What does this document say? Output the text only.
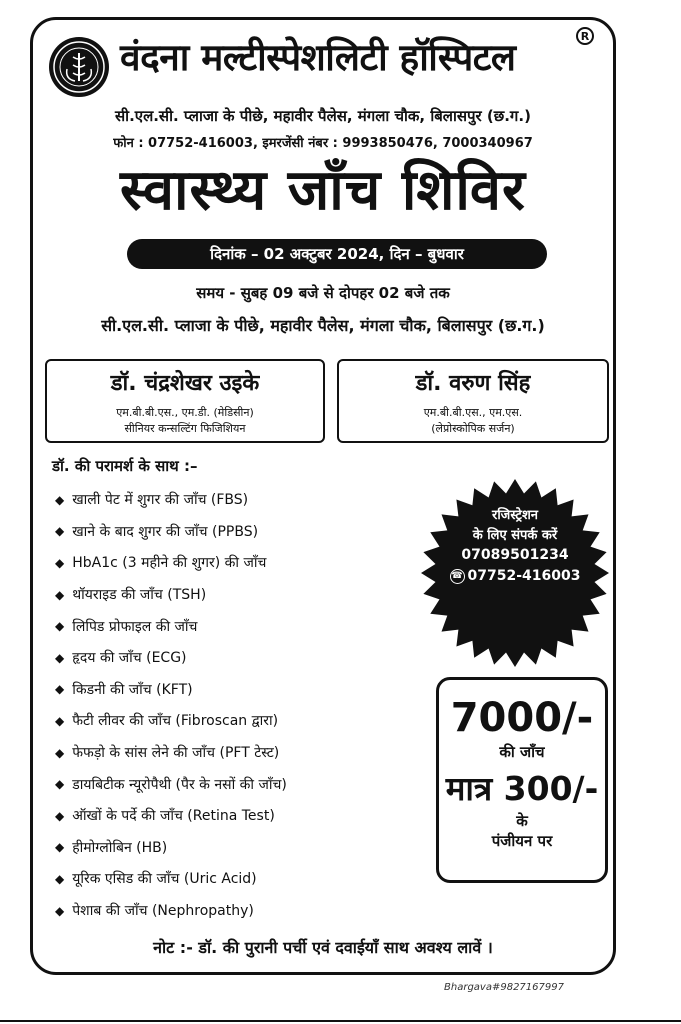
R
वंदना मल्टीस्पेशलिटी हॉस्पिटल
सी.एल.सी. प्लाजा के पीछे, महावीर पैलेस, मंगला चौक, बिलासपुर (छ.ग.)
फोन : 07752-416003, इमरजेंसी नंबर : 9993850476, 7000340967
स्वास्थ्य जाँच शिविर
दिनांक – 02 अक्टुबर 2024, दिन – बुधवार
समय - सुबह 09 बजे से दोपहर 02 बजे तक
सी.एल.सी. प्लाजा के पीछे, महावीर पैलेस, मंगला चौक, बिलासपुर (छ.ग.)
डॉ. चंद्रशेखर उइके
एम.बी.बी.एस., एम.डी. (मेडिसीन)
सीनियर कन्सल्टिंग फिजिशियन
डॉ. वरुण सिंह
एम.बी.बी.एस., एम.एस.
(लेप्रोस्कोपिक सर्जन)
डॉ. की परामर्श के साथ :–
◆ खाली पेट में शुगर की जाँच (FBS)
◆ खाने के बाद शुगर की जाँच (PPBS)
◆ HbA1c (3 महीने की शुगर) की जाँच
◆ थॉयराइड की जाँच (TSH)
◆ लिपिड प्रोफाइल की जाँच
◆ हृदय की जाँच (ECG)
◆ किडनी की जाँच (KFT)
◆ फैटी लीवर की जाँच (Fibroscan द्वारा)
◆ फेफड़ो के सांस लेने की जाँच (PFT टेस्ट)
◆ डायबिटीक न्यूरोपैथी (पैर के नसों की जाँच)
◆ ऑखों के पर्दे की जाँच (Retina Test)
◆ हीमोग्लोबिन (HB)
◆ यूरिक एसिड की जाँच (Uric Acid)
◆ पेशाब की जाँच (Nephropathy)
रजिस्ट्रेशन
के लिए संपर्क करें
07089501234
☎ 07752-416003
7000/-
की जाँच
मात्र 300/-
के
पंजीयन पर
नोट :- डॉ. की पुरानी पर्ची एवं दवाईयाँ साथ अवश्य लावें ।
Bhargava#9827167997
